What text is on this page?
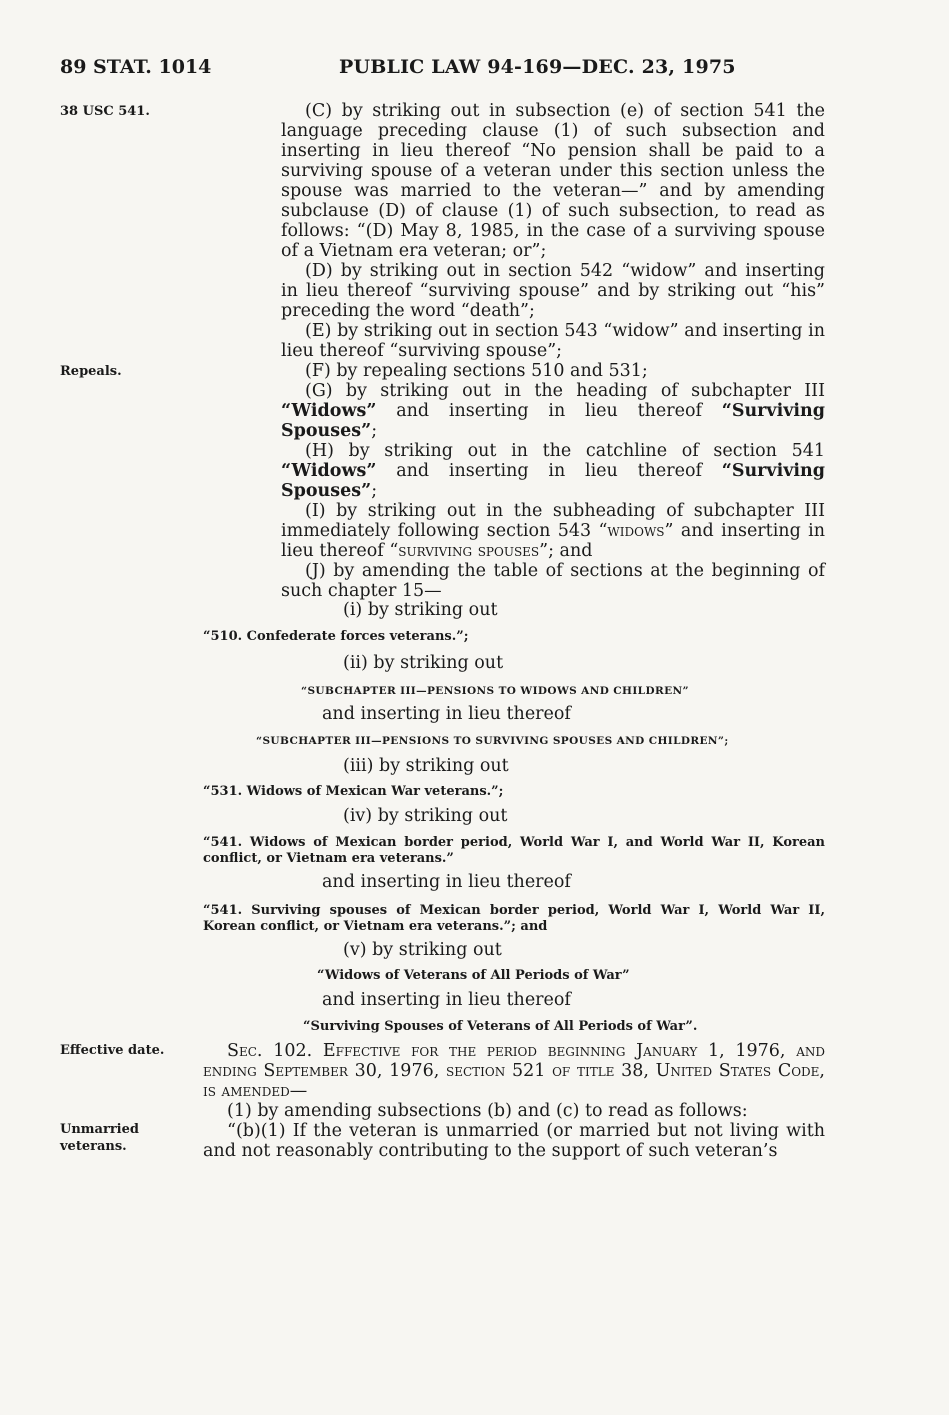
89 STAT. 1014	PUBLIC LAW 94-169—DEC. 23, 1975
38 USC 541.
Repeals.
Effective date.
Unmarried veterans.

(C) by striking out in subsection (e) of section 541 the language preceding clause (1) of such subsection and inserting in lieu thereof “No pension shall be paid to a surviving spouse of a veteran under this section unless the spouse was married to the veteran—” and by amending subclause (D) of clause (1) of such subsection, to read as follows: “(D) May 8, 1985, in the case of a surviving spouse of a Vietnam era veteran; or”;

(D) by striking out in section 542 “widow” and inserting in lieu thereof “surviving spouse” and by striking out “his” preceding the word “death”;

(E) by striking out in section 543 “widow” and inserting in lieu thereof “surviving spouse”;

(F) by repealing sections 510 and 531;

(G) by striking out in the heading of subchapter III “Widows” and inserting in lieu thereof “Surviving Spouses”;

(H) by striking out in the catchline of section 541 “Widows” and inserting in lieu thereof “Surviving Spouses”;

(I) by striking out in the subheading of subchapter III immediately following section 543 “widows” and inserting in lieu thereof “surviving spouses”; and

(J) by amending the table of sections at the beginning of such chapter 15—

(i) by striking out
“510. Confederate forces veterans.”;
(ii) by striking out
“SUBCHAPTER III—PENSIONS TO WIDOWS AND CHILDREN”
and inserting in lieu thereof
“SUBCHAPTER III—PENSIONS TO SURVIVING SPOUSES AND CHILDREN”;
(iii) by striking out
“531. Widows of Mexican War veterans.”;
(iv) by striking out
“541. Widows of Mexican border period, World War I, and World War II, Korean conflict, or Vietnam era veterans.”
and inserting in lieu thereof
“541. Surviving spouses of Mexican border period, World War I, World War II, Korean conflict, or Vietnam era veterans.”; and
(v) by striking out
“Widows of Veterans of All Periods of War”
and inserting in lieu thereof
“Surviving Spouses of Veterans of All Periods of War”.

Sec. 102. Effective for the period beginning January 1, 1976, and ending September 30, 1976, section 521 of title 38, United States Code, is amended—

(1) by amending subsections (b) and (c) to read as follows:

“(b)(1) If the veteran is unmarried (or married but not living with and not reasonably contributing to the support of such veteran’s
